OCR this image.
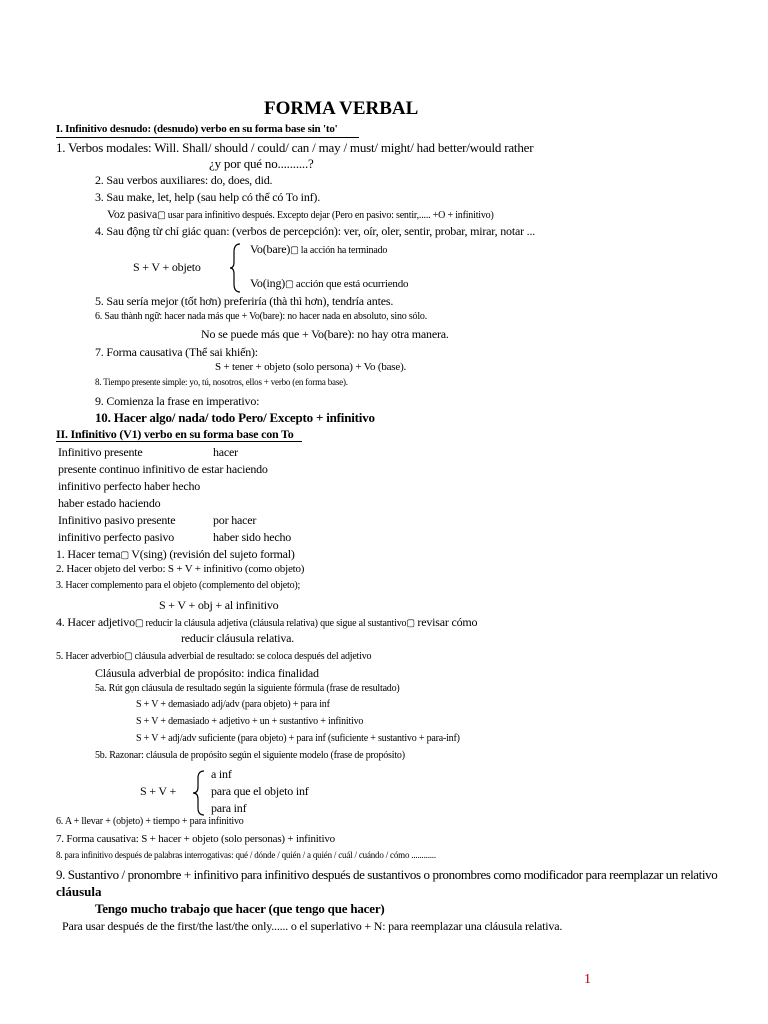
FORMA VERBAL
I. Infinitivo desnudo: (desnudo) verbo en su forma base sin 'to'
1. Verbos modales: Will. Shall/ should / could/ can / may / must/ might/ had better/would rather
¿y por qué no..........?
2. Sau verbos auxiliares: do, does, did.
3. Sau make, let, help (sau help có thể có To inf).
Voz pasiva▢ usar para infinitivo después. Excepto dejar (Pero en pasivo: sentir,..... +O + infinitivo)
4. Sau động từ chỉ giác quan: (verbos de percepción): ver, oír, oler, sentir, probar, mirar, notar ...
S + V + objeto
Vo(bare)▢ la acción ha terminado
Vo(ing)▢ acción que está ocurriendo
5. Sau sería mejor (tốt hơn) preferiría (thà thì hơn), tendría antes.
6. Sau thành ngữ: hacer nada más que + Vo(bare): no hacer nada en absoluto, sino sólo.
No se puede más que + Vo(bare): no hay otra manera.
7. Forma causativa (Thể sai khiến):
S + tener + objeto (solo persona) + Vo (base).
8. Tiempo presente simple: yo, tú, nosotros, ellos + verbo (en forma base).
9. Comienza la frase en imperativo:
10. Hacer algo/ nada/ todo Pero/ Excepto + infinitivo
II. Infinitivo (V1) verbo en su forma base con To
Infinitivo presente	hacer
presente continuo infinitivo de estar haciendo
infinitivo perfecto haber hecho
haber estado haciendo
Infinitivo pasivo presente	por hacer
infinitivo perfecto pasivo	haber sido hecho
1. Hacer tema▢ V(sing) (revisión del sujeto formal)
2. Hacer objeto del verbo: S + V + infinitivo (como objeto)
3. Hacer complemento para el objeto (complemento del objeto);
S + V + obj + al infinitivo
4. Hacer adjetivo▢ reducir la cláusula adjetiva (cláusula relativa) que sigue al sustantivo▢ revisar cómo
reducir cláusula relativa.
5. Hacer adverbio▢ cláusula adverbial de resultado: se coloca después del adjetivo
Cláusula adverbial de propósito: indica finalidad
5a. Rút gọn cláusula de resultado según la siguiente fórmula (frase de resultado)
S + V + demasiado adj/adv (para objeto) + para inf
S + V + demasiado + adjetivo + un + sustantivo + infinitivo
S + V + adj/adv suficiente (para objeto) + para inf (suficiente + sustantivo + para-inf)
5b. Razonar: cláusula de propósito según el siguiente modelo (frase de propósito)
S + V +
a inf
para que el objeto inf
para inf
6. A + llevar + (objeto) + tiempo + para infinitivo
7. Forma causativa: S + hacer + objeto (solo personas) + infinitivo
8. para infinitivo después de palabras interrogativas: qué / dónde / quién / a quién / cuál / cuándo / cómo ............
9. Sustantivo / pronombre + infinitivo para infinitivo después de sustantivos o pronombres como modificador para reemplazar un relativo
cláusula
Tengo mucho trabajo que hacer (que tengo que hacer)
Para usar después de the first/the last/the only...... o el superlativo + N: para reemplazar una cláusula relativa.
1
